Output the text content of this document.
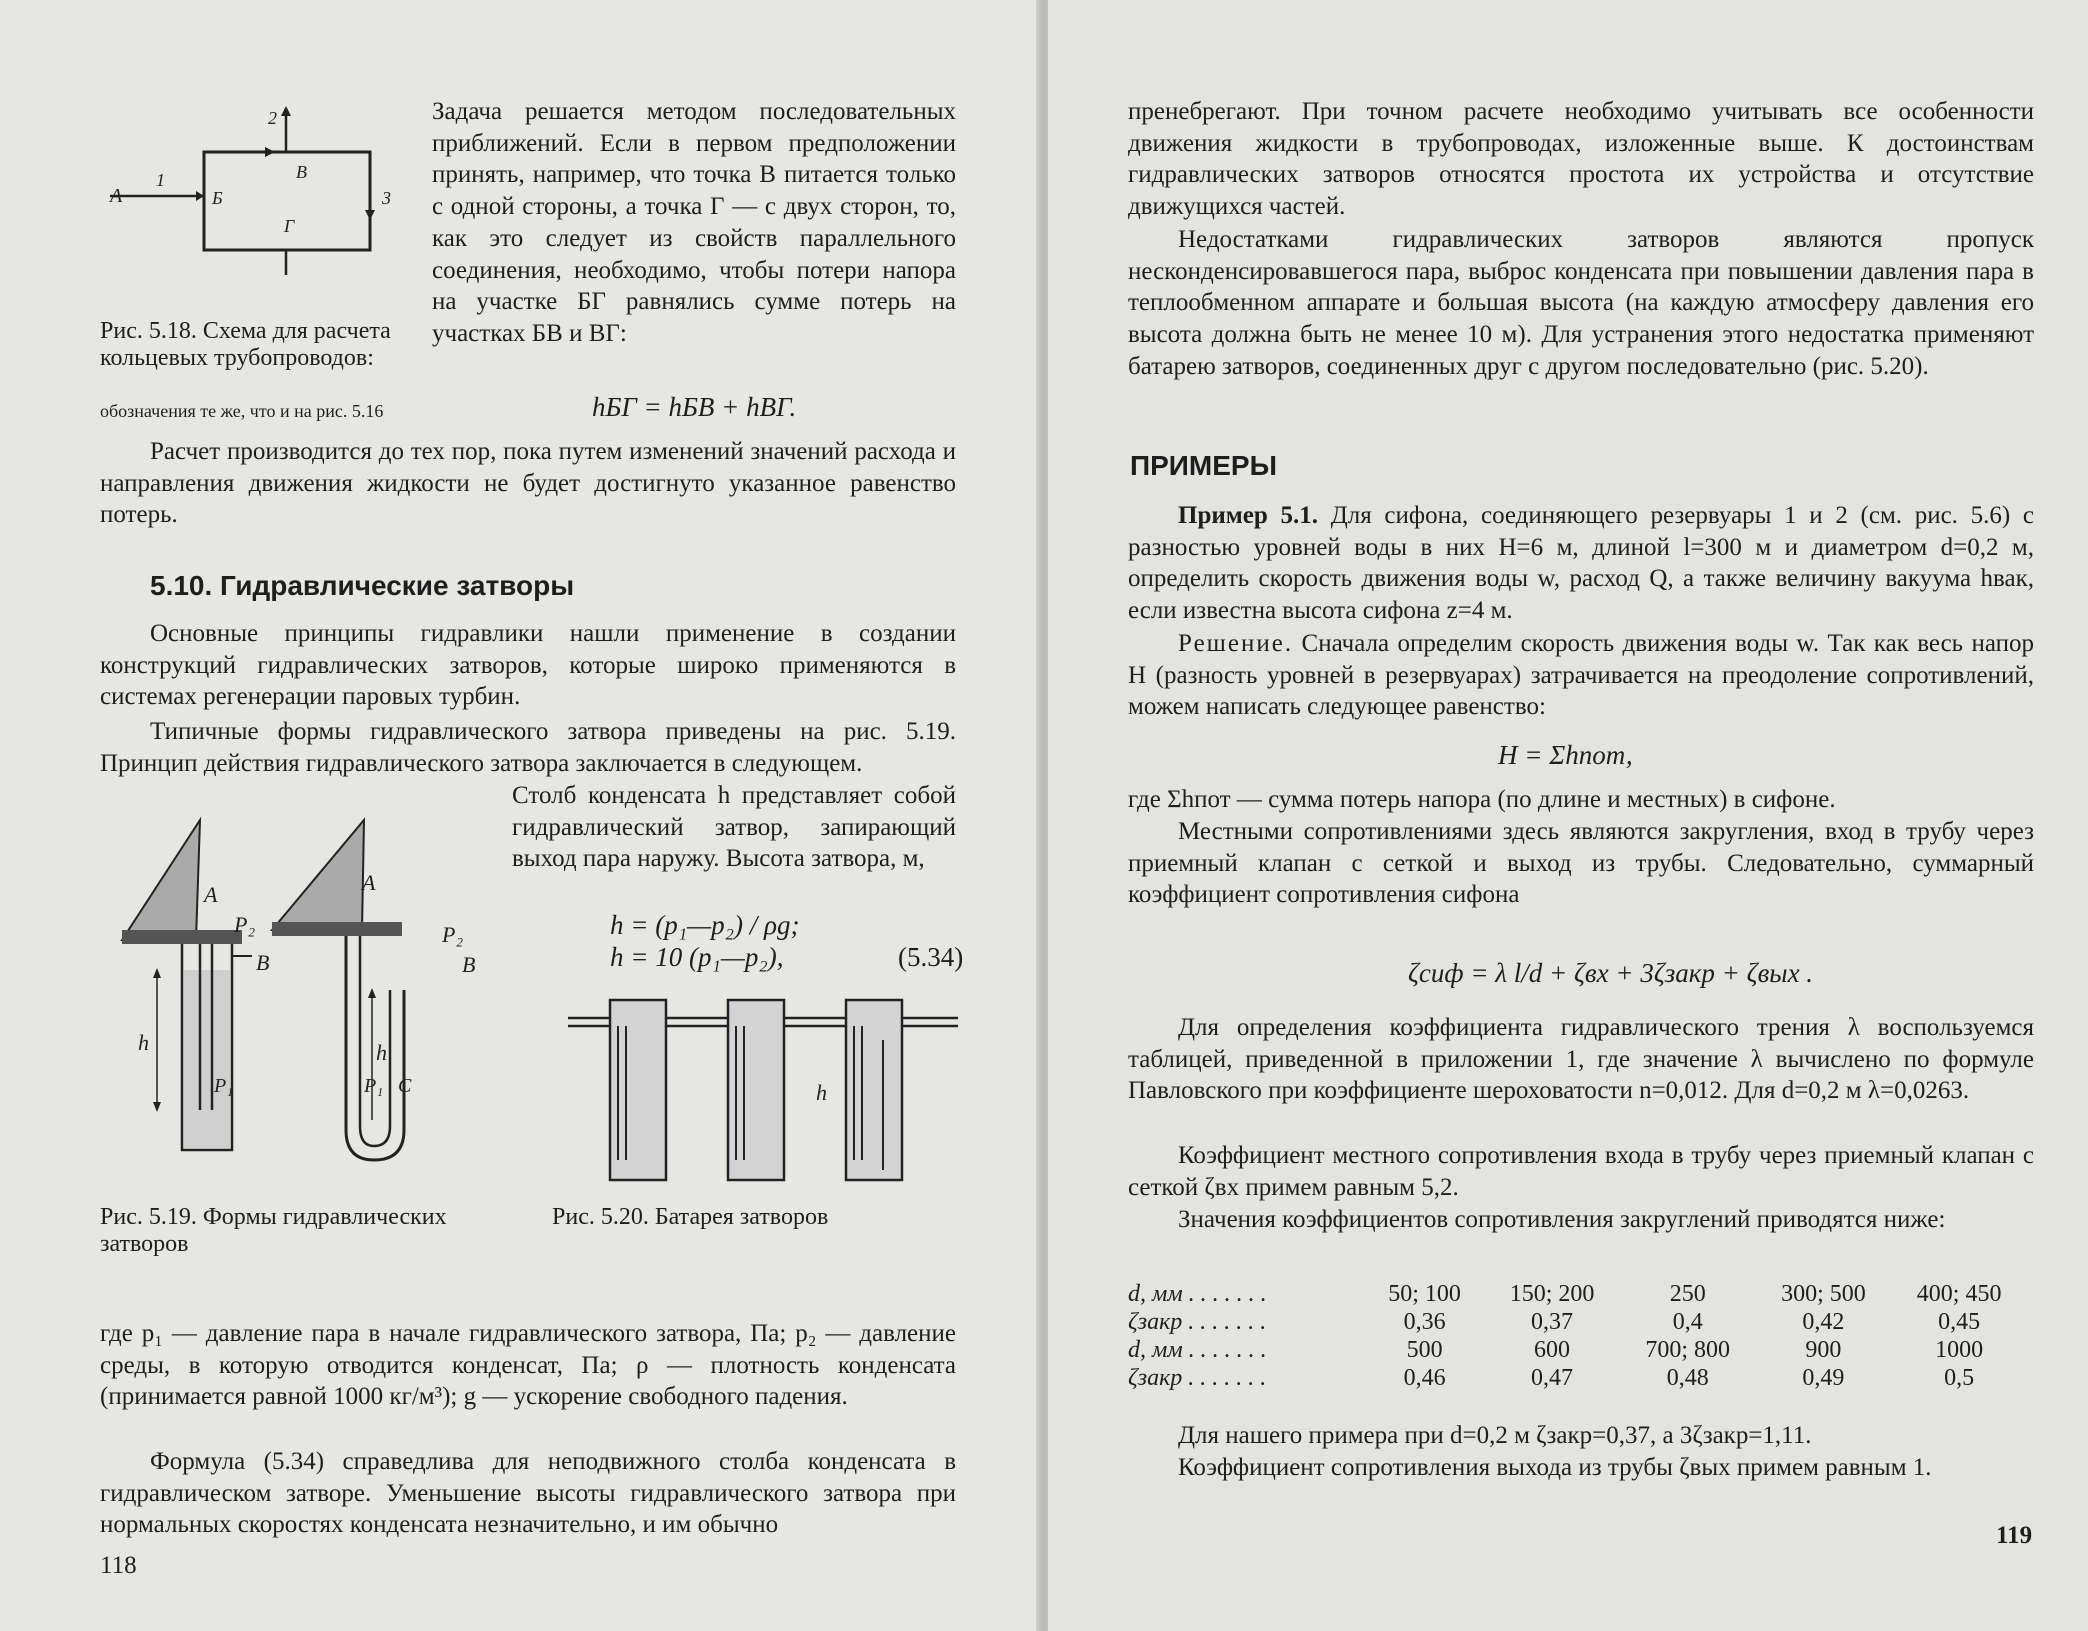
А	Б
В
Г
1
2
3
Задача решается методом последовательных приближений. Если в первом предположении принять, например, что точка В питается только с одной стороны, а точка Г — с двух сторон, то, как это следует из свойств параллельного соединения, необходимо, чтобы потери напора на участке БГ равнялись сумме потерь на участках БВ и ВГ:
Рис. 5.18. Схема для расчета кольцевых трубопроводов:
обозначения те же, что и на рис. 5.16	hБГ = hБВ + hВГ.
Расчет производится до тех пор, пока путем изменений значений расхода и направления движения жидкости не будет достигнуто указанное равенство потерь.
5.10. Гидравлические затворы
Основные принципы гидравлики нашли применение в создании конструкций гидравлических затворов, которые широко применяются в системах регенерации паровых турбин.
Типичные формы гидравлического затвора приведены на рис. 5.19. Принцип действия гидравлического затвора заключается в следующем.
Столб конденсата h представляет собой гидравлический затвор, запирающий выход пара наружу. Высота затвора, м,
h = (p₁—p₂) / ρg;
h = 10 (p₁—p₂),	(5.34)
А
P₂
В
h
P₁
А
P₂
В
h
P₁ С	h
Рис. 5.19. Формы гидравлических затворов
Рис. 5.20. Батарея затворов
где p₁ — давление пара в начале гидравлического затвора, Па; p₂ — давление среды, в которую отводится конденсат, Па; ρ — плотность конденсата (принимается равной 1000 кг/м³); g — ускорение свободного падения.
Формула (5.34) справедлива для неподвижного столба конденсата в гидравлическом затворе. Уменьшение высоты гидравлического затвора при нормальных скоростях конденсата незначительно, и им обычно
118
пренебрегают. При точном расчете необходимо учитывать все особенности движения жидкости в трубопроводах, изложенные выше. К достоинствам гидравлических затворов относятся простота их устройства и отсутствие движущихся частей.
Недостатками гидравлических затворов являются пропуск несконденсировавшегося пара, выброс конденсата при повышении давления пара в теплообменном аппарате и большая высота (на каждую атмосферу давления его высота должна быть не менее 10 м). Для устранения этого недостатка применяют батарею затворов, соединенных друг с другом последовательно (рис. 5.20).
ПРИМЕРЫ
Пример 5.1. Для сифона, соединяющего резервуары 1 и 2 (см. рис. 5.6) с разностью уровней воды в них H=6 м, длиной l=300 м и диаметром d=0,2 м, определить скорость движения воды w, расход Q, а также величину вакуума hвак, если известна высота сифона z=4 м.
Решение. Сначала определим скорость движения воды w. Так как весь напор H (разность уровней в резервуарах) затрачивается на преодоление сопротивлений, можем написать следующее равенство:
H = Σhпот,
где Σhпот — сумма потерь напора (по длине и местных) в сифоне.
Местными сопротивлениями здесь являются закругления, вход в трубу через приемный клапан с сеткой и выход из трубы. Следовательно, суммарный коэффициент сопротивления сифона
ζсиф = λ l/d + ζвх + 3ζзакр + ζвых .
Для определения коэффициента гидравлического трения λ воспользуемся таблицей, приведенной в приложении 1, где значение λ вычислено по формуле Павловского при коэффициенте шероховатости n=0,012. Для d=0,2 м λ=0,0263.
Коэффициент местного сопротивления входа в трубу через приемный клапан с сеткой ζвх примем равным 5,2.
Значения коэффициентов сопротивления закруглений приводятся ниже:
d, мм . . . . . . .	50; 100	150; 200	250	300; 500	400; 450
ζзакр . . . . . . .	0,36	0,37	0,4	0,42	0,45
d, мм . . . . . . .	500	600	700; 800	900	1000
ζзакр . . . . . . .	0,46	0,47	0,48	0,49	0,5
Для нашего примера при d=0,2 м ζзакр=0,37, а 3ζзакр=1,11.
Коэффициент сопротивления выхода из трубы ζвых примем равным 1.
119
